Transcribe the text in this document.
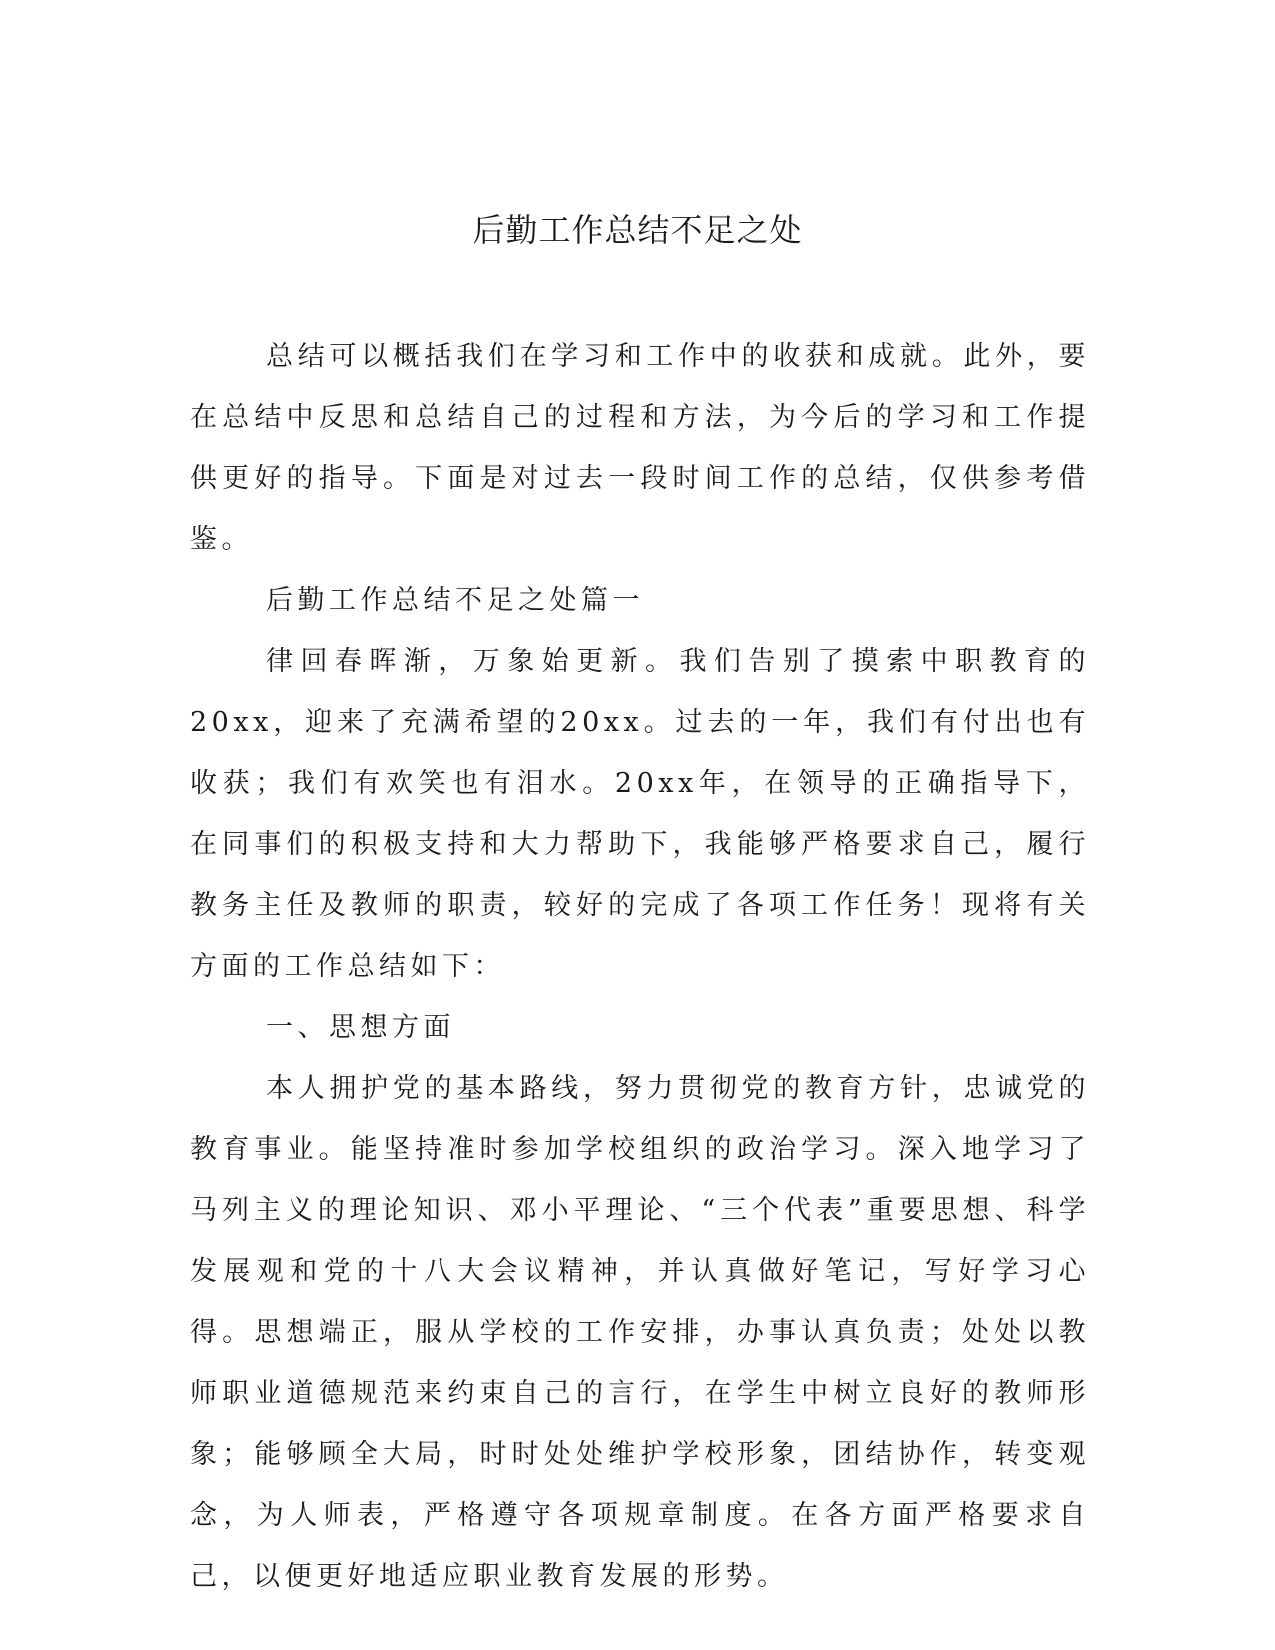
后勤工作总结不足之处

总结可以概括我们在学习和工作中的收获和成就。此外，要在总结中反思和总结自己的过程和方法，为今后的学习和工作提供更好的指导。下面是对过去一段时间工作的总结，仅供参考借鉴。

后勤工作总结不足之处篇一

律回春晖渐，万象始更新。我们告别了摸索中职教育的20xx，迎来了充满希望的20xx。过去的一年，我们有付出也有收获；我们有欢笑也有泪水。20xx年，在领导的正确指导下，在同事们的积极支持和大力帮助下，我能够严格要求自己，履行教务主任及教师的职责，较好的完成了各项工作任务！现将有关方面的工作总结如下：

一、思想方面

本人拥护党的基本路线，努力贯彻党的教育方针，忠诚党的教育事业。能坚持准时参加学校组织的政治学习。深入地学习了马列主义的理论知识、邓小平理论、“三个代表”重要思想、科学发展观和党的十八大会议精神，并认真做好笔记，写好学习心得。思想端正，服从学校的工作安排，办事认真负责；处处以教师职业道德规范来约束自己的言行，在学生中树立良好的教师形象；能够顾全大局，时时处处维护学校形象，团结协作，转变观念，为人师表，严格遵守各项规章制度。在各方面严格要求自己，以便更好地适应职业教育发展的形势。
